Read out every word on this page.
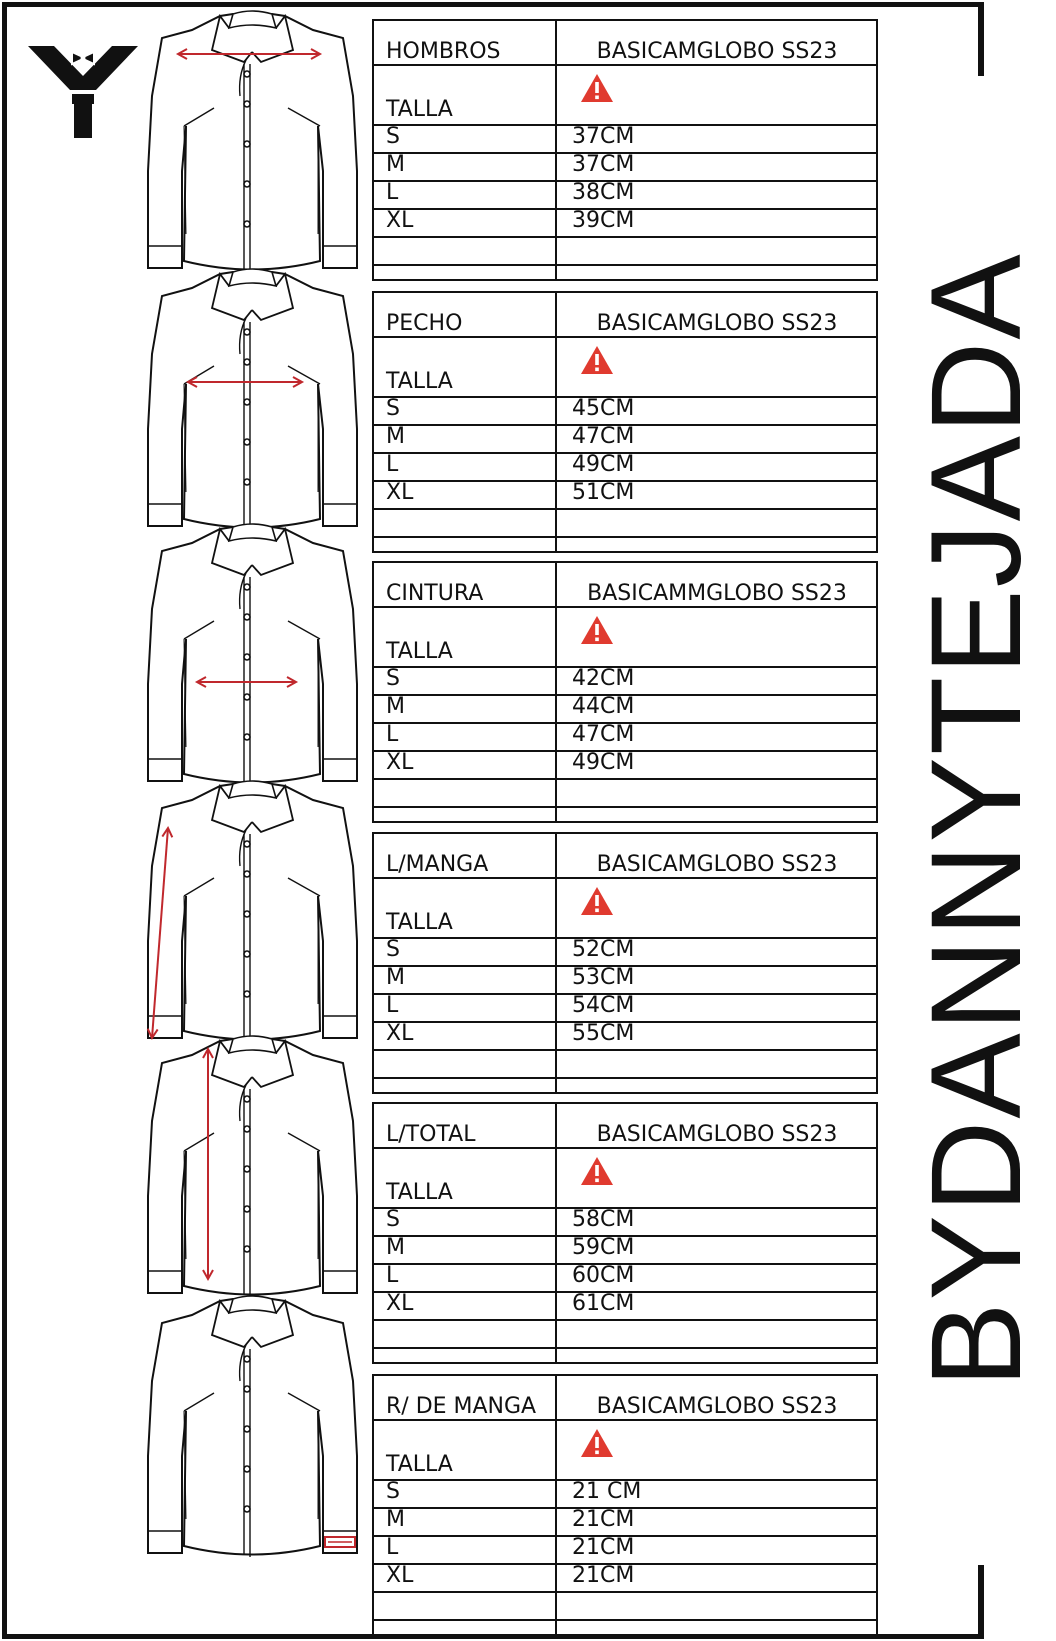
BYDANNYTEJADA
HOMBROS	BASICAMGLOBO SS23
TALLA
S	37CM
M	37CM
L	38CM
XL	39CM
PECHO	BASICAMGLOBO SS23
TALLA
S	45CM
M	47CM
L	49CM
XL	51CM
CINTURA	BASICAMMGLOBO SS23
TALLA
S	42CM
M	44CM
L	47CM
XL	49CM
L/MANGA	BASICAMGLOBO SS23
TALLA
S	52CM
M	53CM
L	54CM
XL	55CM
L/TOTAL	BASICAMGLOBO SS23
TALLA
S	58CM
M	59CM
L	60CM
XL	61CM
R/ DE MANGA	BASICAMGLOBO SS23
TALLA
S	21 CM
M	21CM
L	21CM
XL	21CM
